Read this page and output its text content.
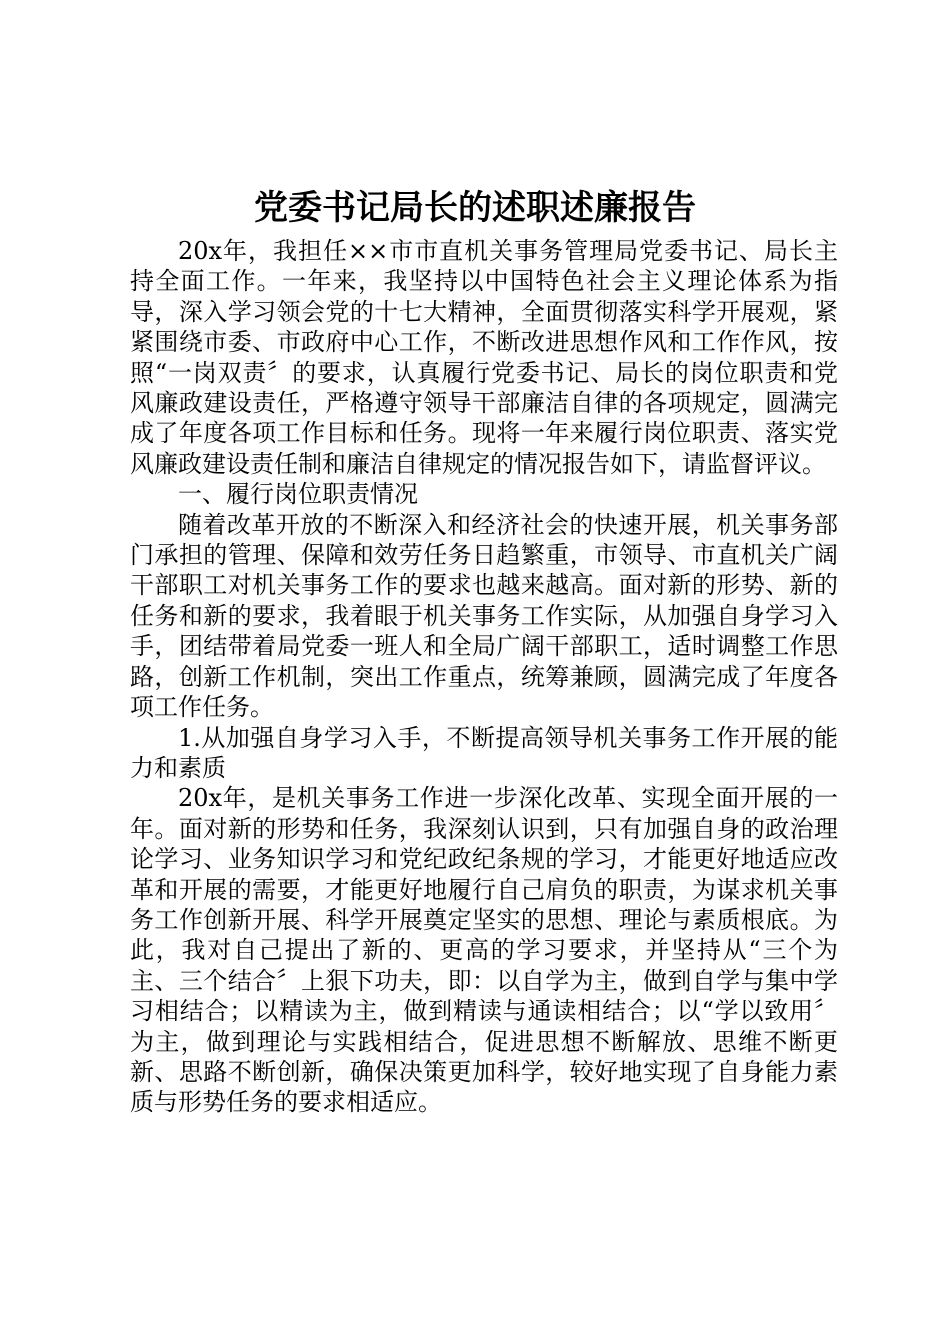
党委书记局长的述职述廉报告

20x年，我担任××市市直机关事务管理局党委书记、局长主持全面工作。一年来，我坚持以中国特色社会主义理论体系为指导，深入学习领会党的十七大精神，全面贯彻落实科学开展观，紧紧围绕市委、市政府中心工作，不断改进思想作风和工作作风，按照“一岗双责〞的要求，认真履行党委书记、局长的岗位职责和党风廉政建设责任，严格遵守领导干部廉洁自律的各项规定，圆满完成了年度各项工作目标和任务。现将一年来履行岗位职责、落实党风廉政建设责任制和廉洁自律规定的情况报告如下，请监督评议。

一、履行岗位职责情况

随着改革开放的不断深入和经济社会的快速开展，机关事务部门承担的管理、保障和效劳任务日趋繁重，市领导、市直机关广阔干部职工对机关事务工作的要求也越来越高。面对新的形势、新的任务和新的要求，我着眼于机关事务工作实际，从加强自身学习入手，团结带着局党委一班人和全局广阔干部职工，适时调整工作思路，创新工作机制，突出工作重点，统筹兼顾，圆满完成了年度各项工作任务。

1.从加强自身学习入手，不断提高领导机关事务工作开展的能力和素质

20x年，是机关事务工作进一步深化改革、实现全面开展的一年。面对新的形势和任务，我深刻认识到，只有加强自身的政治理论学习、业务知识学习和党纪政纪条规的学习，才能更好地适应改革和开展的需要，才能更好地履行自己肩负的职责，为谋求机关事务工作创新开展、科学开展奠定坚实的思想、理论与素质根底。为此，我对自己提出了新的、更高的学习要求，并坚持从“三个为主、三个结合〞上狠下功夫，即：以自学为主，做到自学与集中学习相结合；以精读为主，做到精读与通读相结合；以“学以致用〞为主，做到理论与实践相结合，促进思想不断解放、思维不断更新、思路不断创新，确保决策更加科学，较好地实现了自身能力素质与形势任务的要求相适应。
